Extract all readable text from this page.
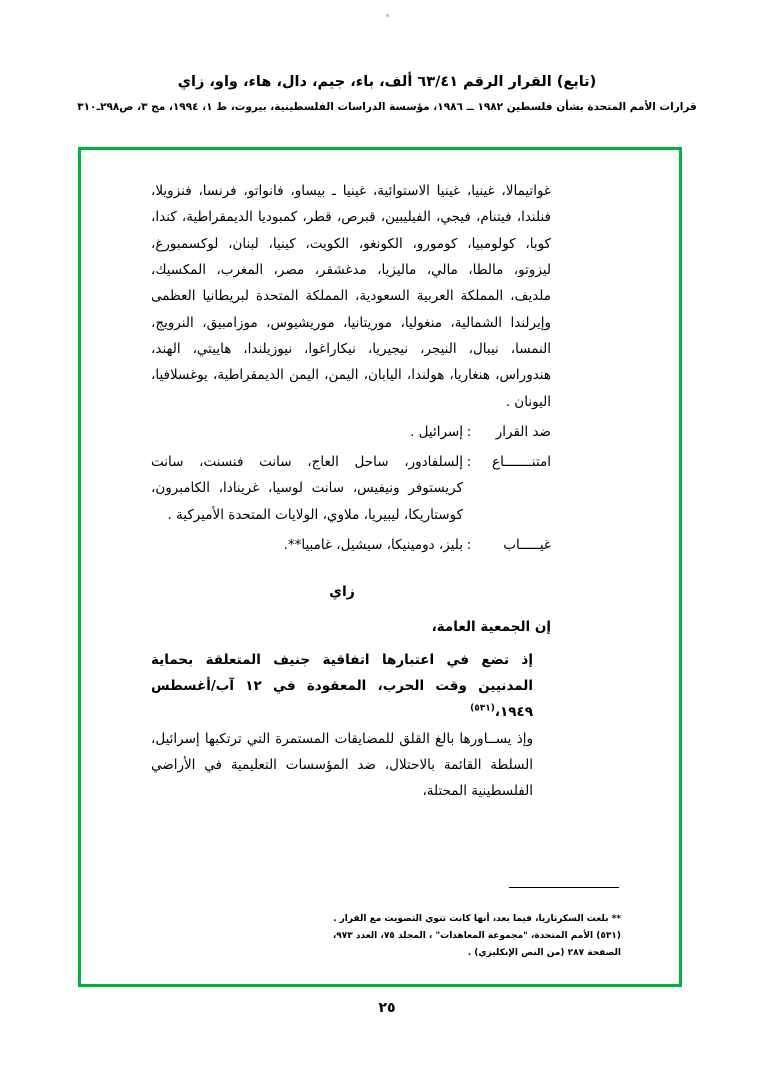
(تابع) القرار الرقم ٦٣/٤١ ألف، باء، جيم، دال، هاء، واو، زاي
قرارات الأمم المتحدة بشأن فلسطين ١٩٨٢ ــ ١٩٨٦، مؤسسة الدراسات الفلسطينية، بيروت، ط ١، ١٩٩٤، مج ٣، ص٢٩٨ـ٣١٠

غواتيمالا، غينيا، غينيا الاستوائية، غينيا ـ بيساو، فانواتو، فرنسا، فنزويلا، فنلندا، فيتنام، فيجي، الفيليبين، قبرص، قطر، كمبوديا الديمقراطية، كندا، كوبا، كولومبيا، كومورو، الكونغو، الكويت، كينيا، لبنان، لوكسمبورغ، ليزوتو، مالطا، مالي، ماليزيا، مدغشقر، مصر، المغرب، المكسيك، ملديف، المملكة العربية السعودية، المملكة المتحدة لبريطانيا العظمى وإيرلندا الشمالية، منغوليا، موريتانيا، موريشيوس، موزامبيق، النرويج، النمسا، نيبال، النيجر، نيجيريا، نيكاراغوا، نيوزيلندا، هاييتي، الهند، هندوراس، هنغاريا، هولندا، اليابان، اليمن، اليمن الديمقراطية، يوغسلافيا، اليونان .

ضد القرار
:
إسرائيل .
امتنـــــــاع
:
إلسلفادور، ساحل العاج، سانت فنسنت، سانت كريستوفر ونيفيس، سانت لوسيا، غرينادا، الكامبرون، كوستاريكا، ليبيريا، ملاوي، الولايات المتحدة الأميركية .
غيـــــاب
:
بليز، دومينيكا، سيشيل، غامبيا**.
زاي

إن الجمعية العامة،

إذ تضع في اعتبارها اتفاقية جنيف المتعلقة بحماية المدنيين وقت الحرب، المعقودة في ١٢ آب/أغسطس ١٩٤٩،$^{(٥٣١)}$

وإذ يســاورها بالغ القلق للمضايقات المستمرة التي ترتكبها إسرائيل، السلطة القائمة بالاحتلال، ضد المؤسسات التعليمية في الأراضي الفلسطينية المحتلة،

** بلغت السكرتاريا، فيما بعد، أنها كانت تنوي التصويت مع القرار .

(٥٣١) الأمم المتحدة، "مجموعة المعاهدات" ، المجلد ٧٥، العدد ٩٧٣،

الصفحة ٢٨٧ (من النص الإنكليزي) .

٢٥
